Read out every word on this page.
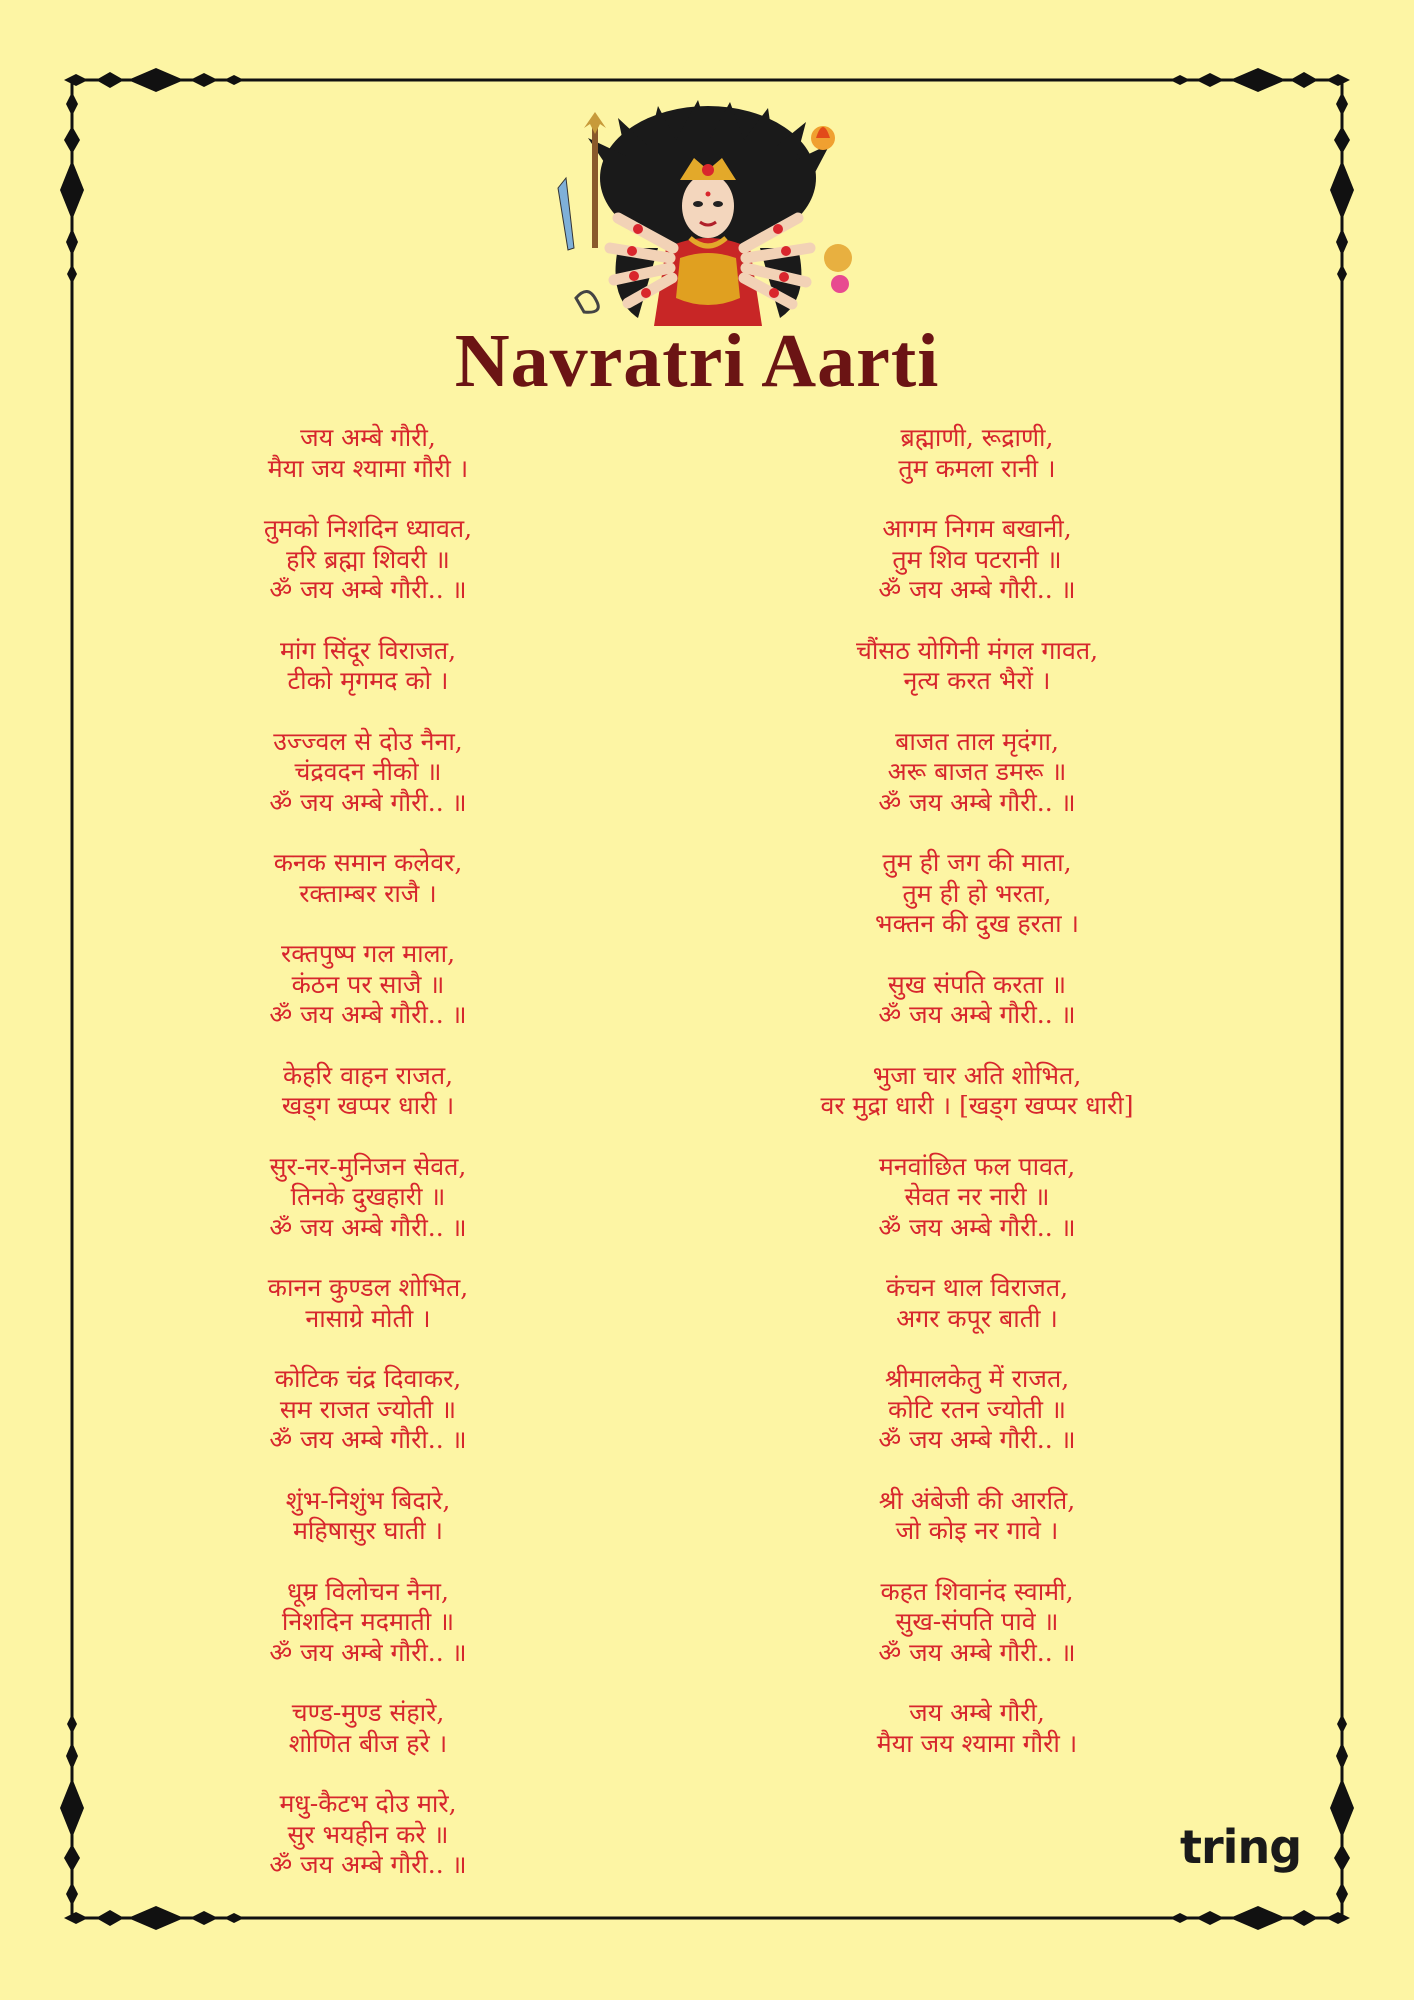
Navratri Aarti
जय अम्बे गौरी,
मैया जय श्यामा गौरी ।
तुमको निशदिन ध्यावत,
हरि ब्रह्मा शिवरी ॥
ॐ जय अम्बे गौरी.. ॥
मांग सिंदूर विराजत,
टीको मृगमद को ।
उज्ज्वल से दोउ नैना,
चंद्रवदन नीको ॥
ॐ जय अम्बे गौरी.. ॥
कनक समान कलेवर,
रक्ताम्बर राजै ।
रक्तपुष्प गल माला,
कंठन पर साजै ॥
ॐ जय अम्बे गौरी.. ॥
केहरि वाहन राजत,
खड्ग खप्पर धारी ।
सुर-नर-मुनिजन सेवत,
तिनके दुखहारी ॥
ॐ जय अम्बे गौरी.. ॥
कानन कुण्डल शोभित,
नासाग्रे मोती ।
कोटिक चंद्र दिवाकर,
सम राजत ज्योती ॥
ॐ जय अम्बे गौरी.. ॥
शुंभ-निशुंभ बिदारे,
महिषासुर घाती ।
धूम्र विलोचन नैना,
निशदिन मदमाती ॥
ॐ जय अम्बे गौरी.. ॥
चण्ड-मुण्ड संहारे,
शोणित बीज हरे ।
मधु-कैटभ दोउ मारे,
सुर भयहीन करे ॥
ॐ जय अम्बे गौरी.. ॥
ब्रह्माणी, रूद्राणी,
तुम कमला रानी ।
आगम निगम बखानी,
तुम शिव पटरानी ॥
ॐ जय अम्बे गौरी.. ॥
चौंसठ योगिनी मंगल गावत,
नृत्य करत भैरों ।
बाजत ताल मृदंगा,
अरू बाजत डमरू ॥
ॐ जय अम्बे गौरी.. ॥
तुम ही जग की माता,
तुम ही हो भरता,
भक्तन की दुख हरता ।
सुख संपति करता ॥
ॐ जय अम्बे गौरी.. ॥
भुजा चार अति शोभित,
वर मुद्रा धारी । [खड्ग खप्पर धारी]
मनवांछित फल पावत,
सेवत नर नारी ॥
ॐ जय अम्बे गौरी.. ॥
कंचन थाल विराजत,
अगर कपूर बाती ।
श्रीमालकेतु में राजत,
कोटि रतन ज्योती ॥
ॐ जय अम्बे गौरी.. ॥
श्री अंबेजी की आरति,
जो कोइ नर गावे ।
कहत शिवानंद स्वामी,
सुख-संपति पावे ॥
ॐ जय अम्बे गौरी.. ॥
जय अम्बे गौरी,
मैया जय श्यामा गौरी ।
tring
